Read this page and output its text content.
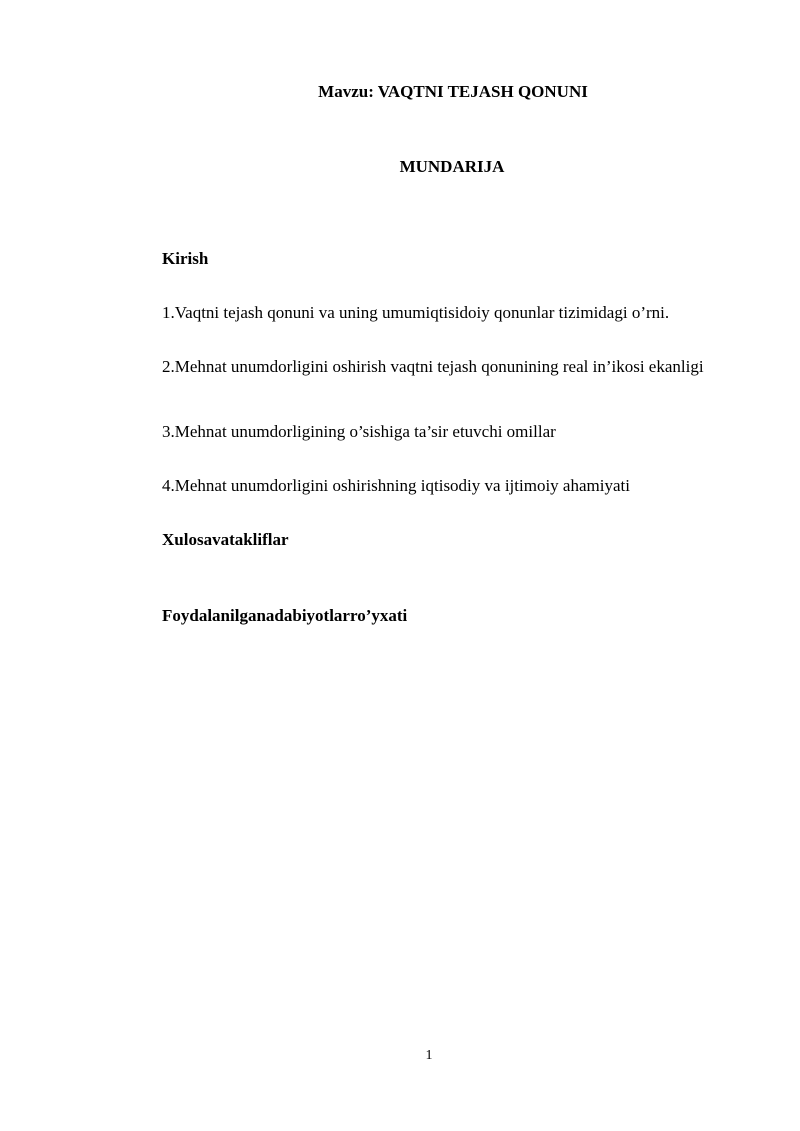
Mavzu: VAQTNI TEJASH QONUNI
MUNDARIJA
Kirish
1.Vaqtni tejash qonuni va uning umumiqtisidoiy qonunlar tizimidagi o’rni.
2.Mehnat unumdorligini oshirish vaqtni tejash qonunining real in’ikosi ekanligi
3.Mehnat unumdorligining o’sishiga ta’sir etuvchi omillar
4.Mehnat unumdorligini oshirishning iqtisodiy va ijtimoiy ahamiyati
Xulosavatakliflar
Foydalanilganadabiyotlarro’yxati
1
